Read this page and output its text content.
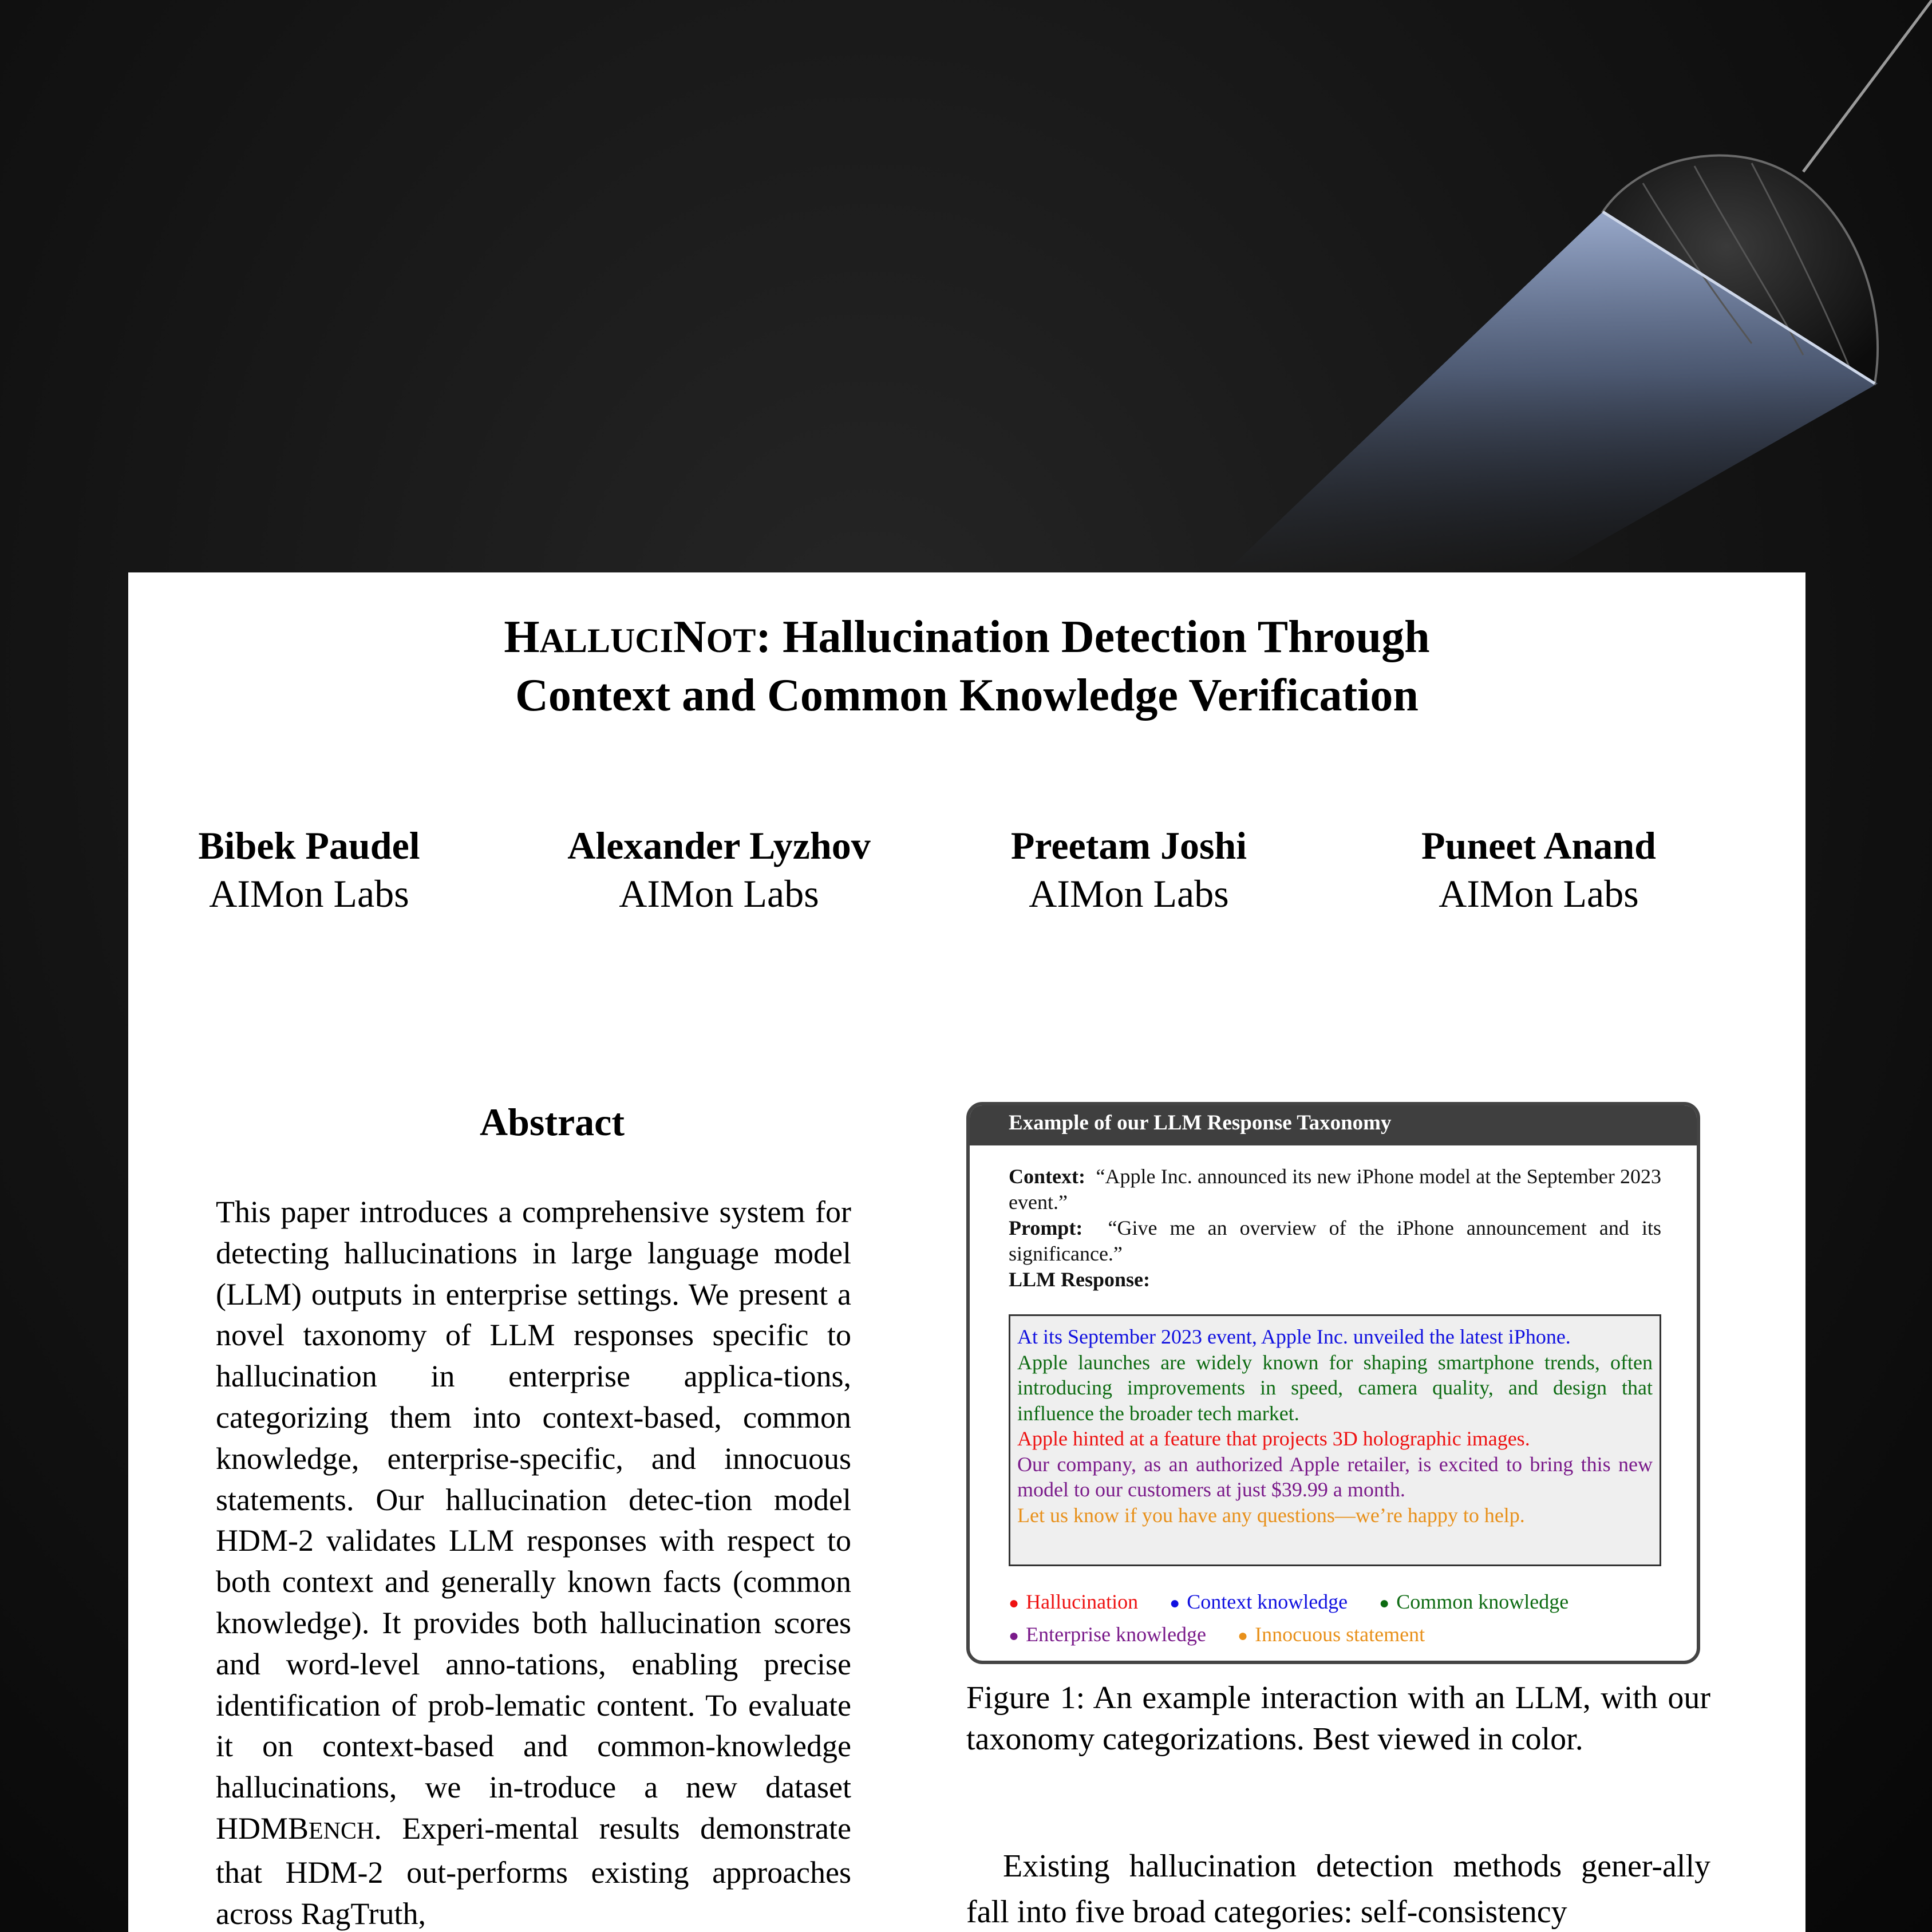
HALLUCINOT: Hallucination Detection Through
Context and Common Knowledge Verification
Bibek Paudel
AIMon Labs
Alexander Lyzhov
AIMon Labs
Preetam Joshi
AIMon Labs
Puneet Anand
AIMon Labs
Abstract
This paper introduces a comprehensive system for detecting hallucinations in large language model (LLM) outputs in enterprise settings. We present a novel taxonomy of LLM responses specific to hallucination in enterprise applica-tions, categorizing them into context-based, common knowledge, enterprise-specific, and innocuous statements. Our hallucination detec-tion model HDM-2 validates LLM responses with respect to both context and generally known facts (common knowledge). It provides both hallucination scores and word-level anno-tations, enabling precise identification of prob-lematic content. To evaluate it on context-based and common-knowledge hallucinations, we in-troduce a new dataset HDMBENCH. Experi-mental results demonstrate that HDM-2 out-performs existing approaches across RagTruth,
Example of our LLM Response Taxonomy
Context: “Apple Inc. announced its new iPhone model at the September 2023 event.”
Prompt: “Give me an overview of the iPhone announcement and its significance.”
LLM Response:
At its September 2023 event, Apple Inc. unveiled the latest iPhone.
Apple launches are widely known for shaping smartphone trends, often introducing improvements in speed, camera quality, and design that influence the broader tech market.
Apple hinted at a feature that projects 3D holographic images.
Our company, as an authorized Apple retailer, is excited to bring this new model to our customers at just $39.99 a month.
Let us know if you have any questions—we’re happy to help.
● Hallucination ● Context knowledge ● Common knowledge
● Enterprise knowledge ● Innocuous statement
Figure 1: An example interaction with an LLM, with our taxonomy categorizations. Best viewed in color.
Existing hallucination detection methods gener-ally fall into five broad categories: self-consistency
